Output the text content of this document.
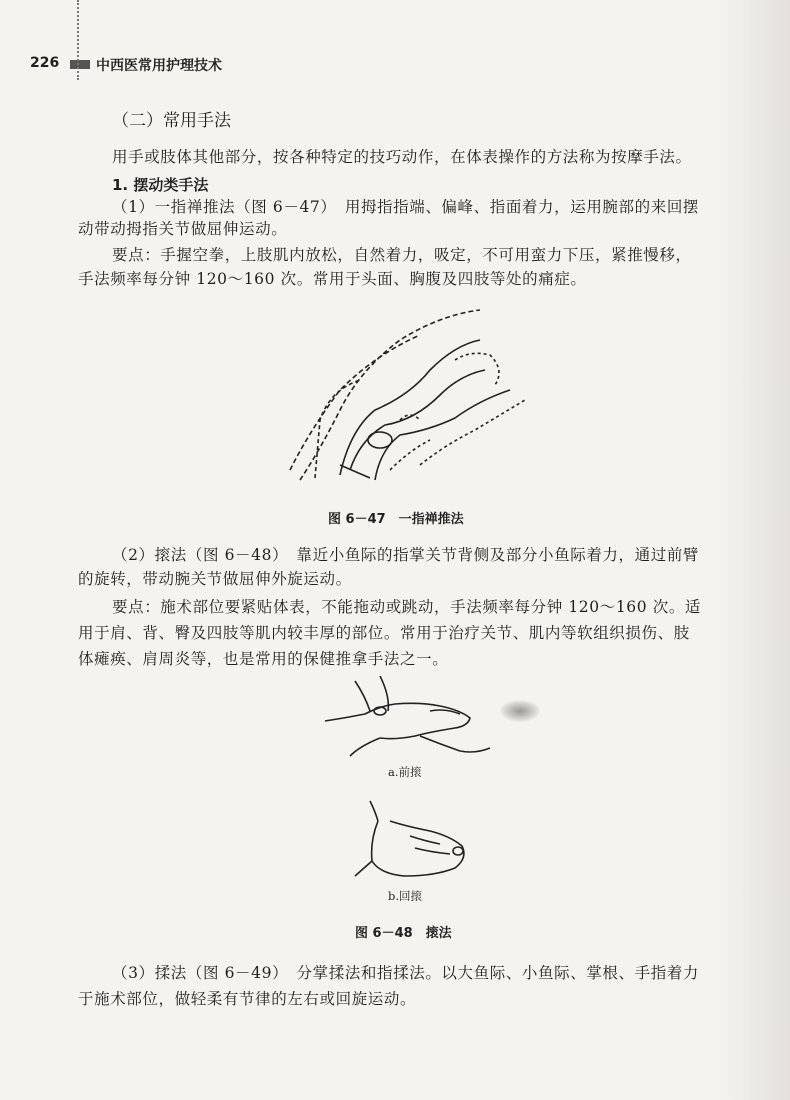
226	中西医常用护理技术
（二）常用手法
用手或肢体其他部分，按各种特定的技巧动作，在体表操作的方法称为按摩手法。
1. 摆动类手法
（1）一指禅推法（图 6－47）　用拇指指端、偏峰、指面着力，运用腕部的来回摆
动带动拇指关节做屈伸运动。
要点：手握空拳，上肢肌内放松，自然着力，吸定，不可用蛮力下压，紧推慢移，
手法频率每分钟 120～160 次。常用于头面、胸腹及四肢等处的痛症。
图 6－47　一指禅推法
（2）㨰法（图 6－48）　靠近小鱼际的指掌关节背侧及部分小鱼际着力，通过前臂
的旋转，带动腕关节做屈伸外旋运动。
要点：施术部位要紧贴体表，不能拖动或跳动，手法频率每分钟 120～160 次。适
用于肩、背、臀及四肢等肌内较丰厚的部位。常用于治疗关节、肌内等软组织损伤、肢
体瘫痪、肩周炎等，也是常用的保健推拿手法之一。
a.前㨰
b.回㨰
图 6－48　㨰法
（3）揉法（图 6－49）　分掌揉法和指揉法。以大鱼际、小鱼际、掌根、手指着力
于施术部位，做轻柔有节律的左右或回旋运动。
